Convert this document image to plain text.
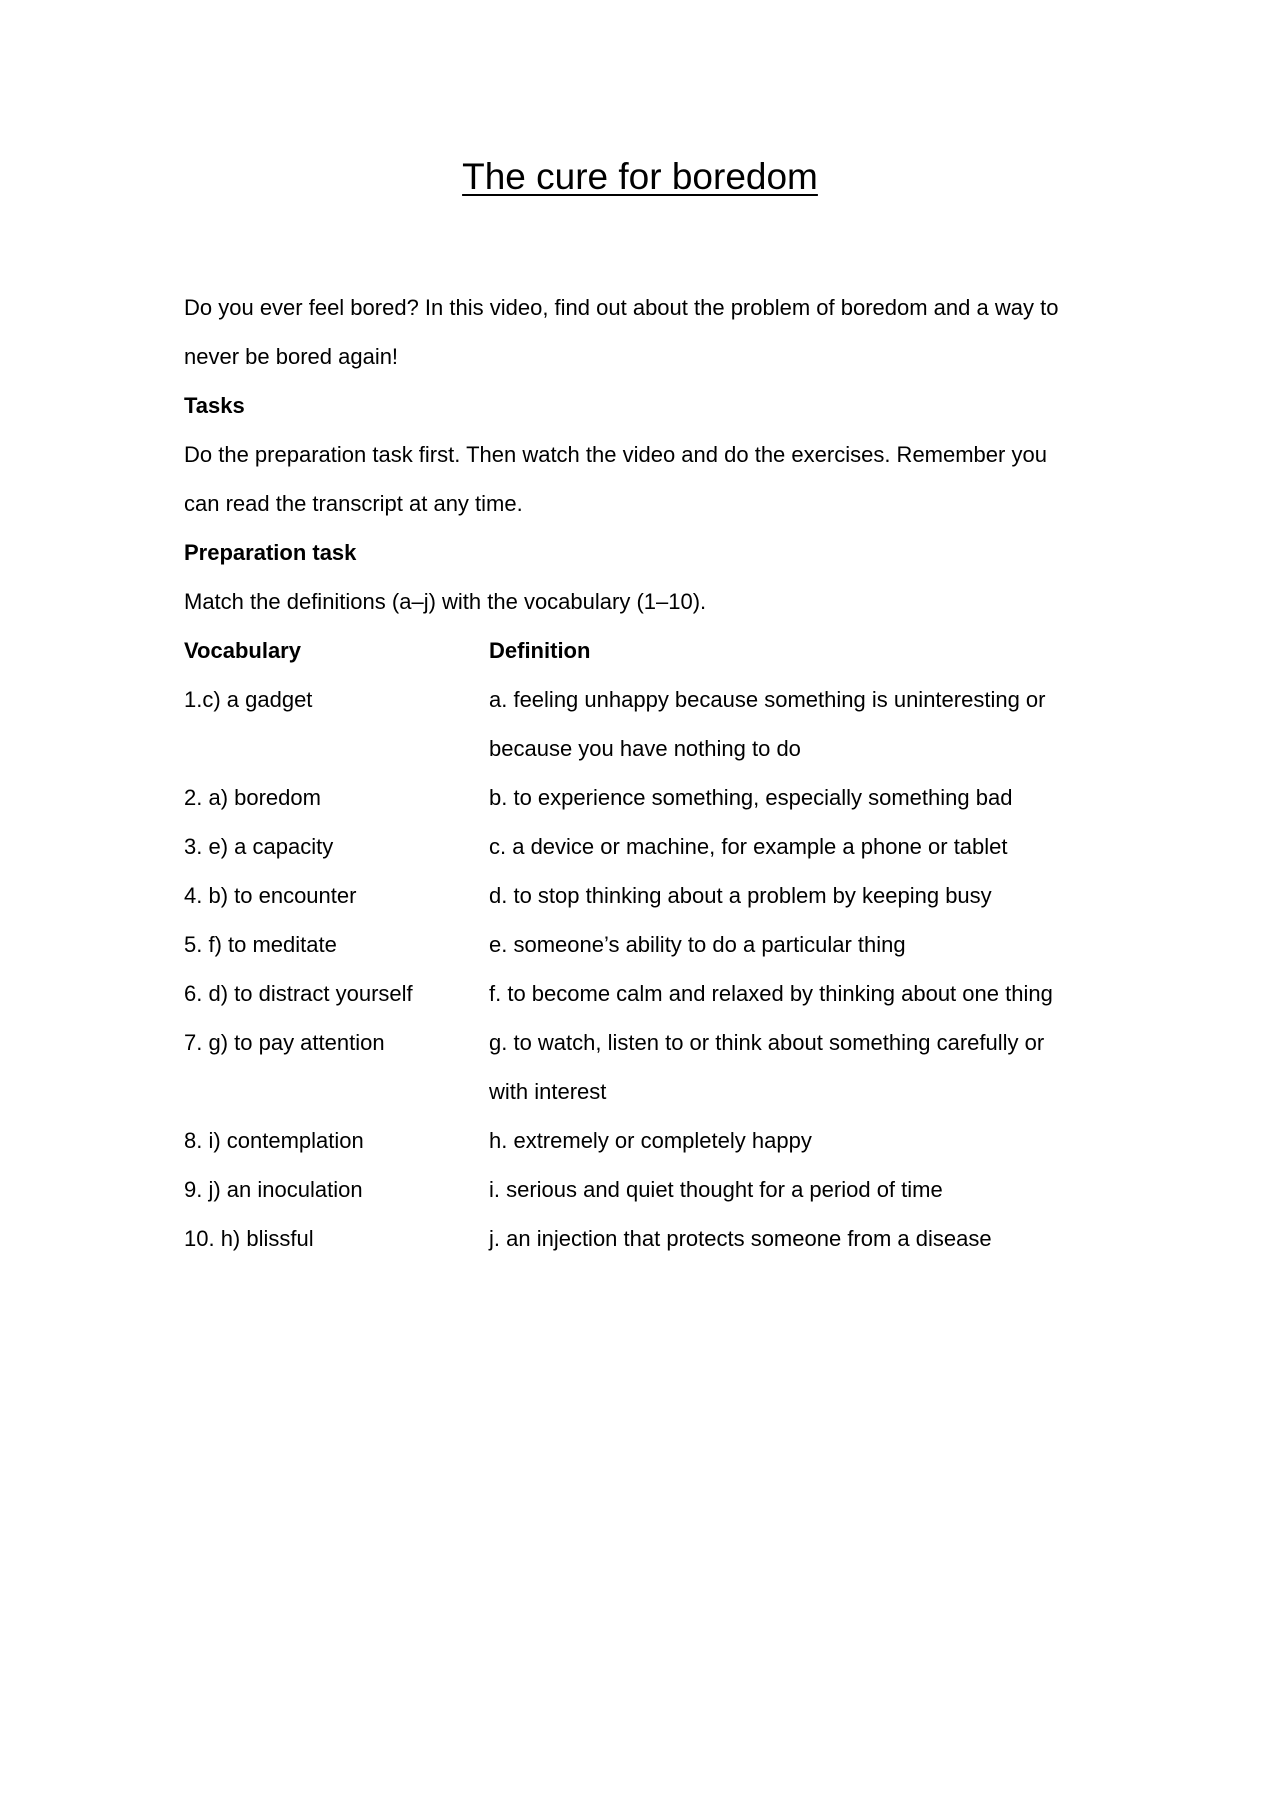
The cure for boredom

Do you ever feel bored? In this video, find out about the problem of boredom and a way to never be bored again!

Tasks

Do the preparation task first. Then watch the video and do the exercises. Remember you can read the transcript at any time.

Preparation task

Match the definitions (a–j) with the vocabulary (1–10).

Vocabulary	Definition

1.c) a gadget	a. feeling unhappy because something is uninteresting or because you have nothing to do

2. a) boredom	b. to experience something, especially something bad

3. e) a capacity	c. a device or machine, for example a phone or tablet

4. b) to encounter	d. to stop thinking about a problem by keeping busy

5. f) to meditate	e. someone’s ability to do a particular thing

6. d) to distract yourself	f. to become calm and relaxed by thinking about one thing

7. g) to pay attention	g. to watch, listen to or think about something carefully or with interest

8. i) contemplation	h. extremely or completely happy

9. j) an inoculation	i. serious and quiet thought for a period of time

10. h) blissful	j. an injection that protects someone from a disease
